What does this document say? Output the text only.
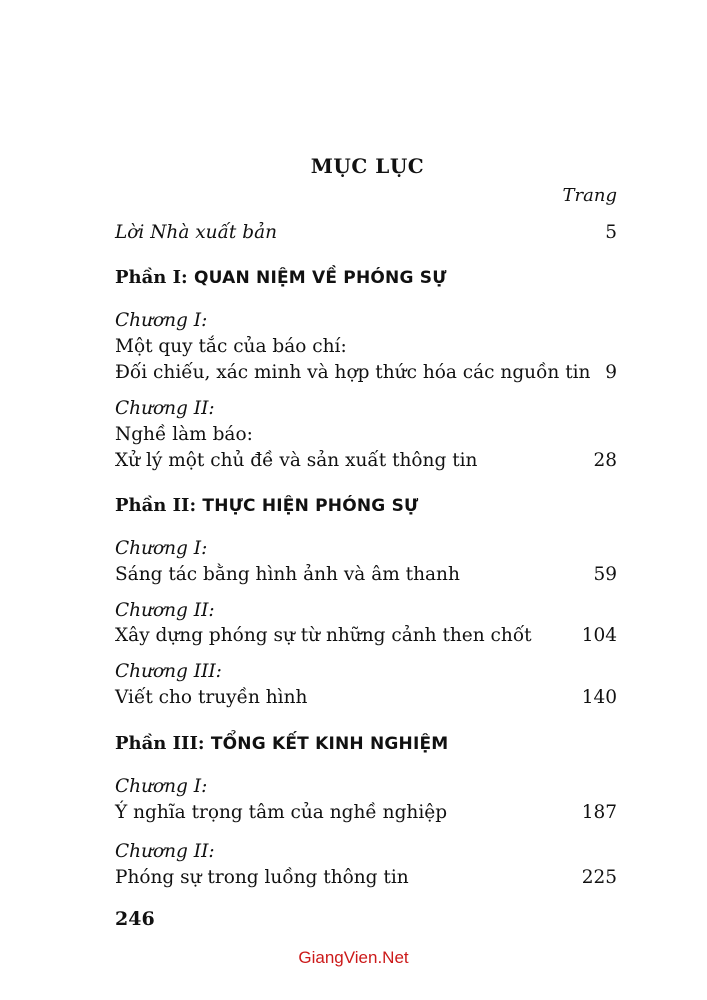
MỤC LỤC
Trang
Lời Nhà xuất bản	5
Phần I: QUAN NIỆM VỀ PHÓNG SỰ
Chương I:
Một quy tắc của báo chí:
Đối chiếu, xác minh và hợp thức hóa các nguồn tin 9
Chương II:
Nghề làm báo:
Xử lý một chủ đề và sản xuất thông tin	28
Phần II: THỰC HIỆN PHÓNG SỰ
Chương I:
Sáng tác bằng hình ảnh và âm thanh	59
Chương II:
Xây dựng phóng sự từ những cảnh then chốt	104
Chương III:
Viết cho truyền hình	140
Phần III: TỔNG KẾT KINH NGHIỆM
Chương I:
Ý nghĩa trọng tâm của nghề nghiệp	187
Chương II:
Phóng sự trong luồng thông tin	225
246
GiangVien.Net
